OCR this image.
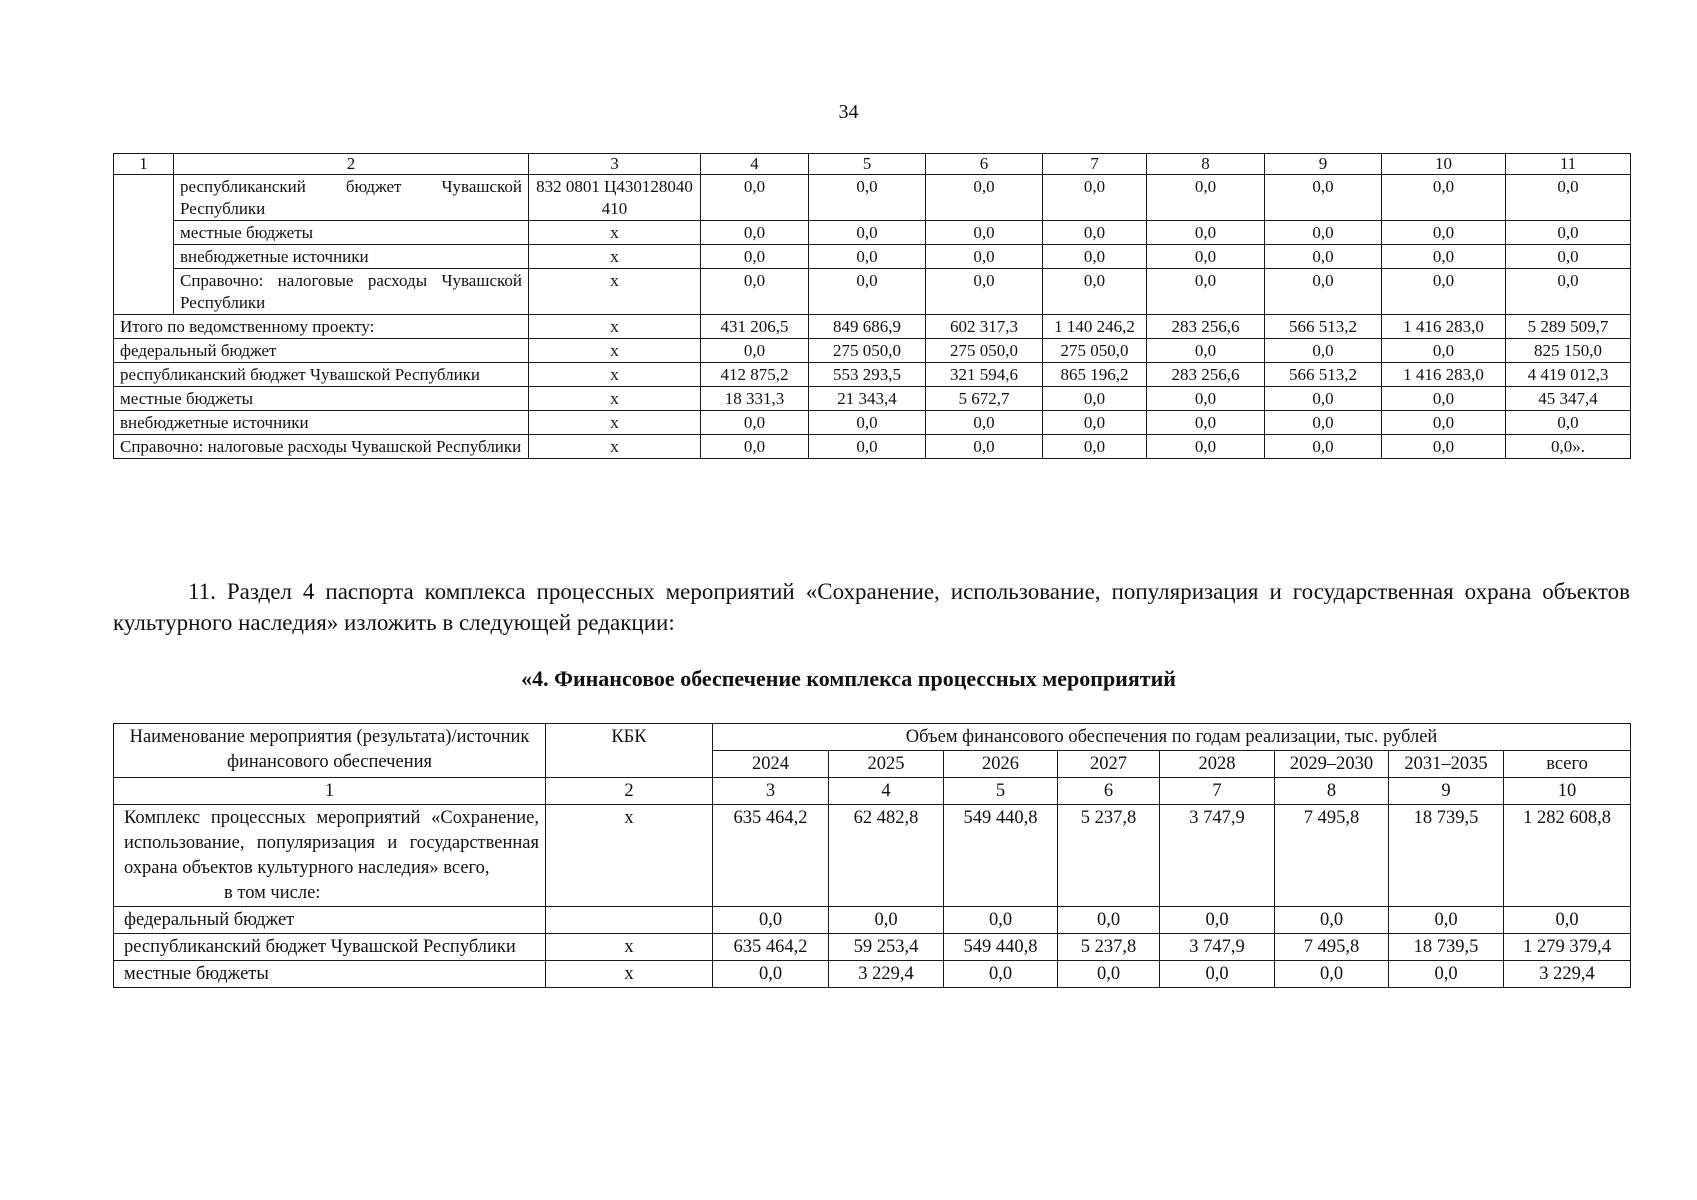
34
1	2	3	4	5	6	7	8	9	10	11
	республиканский бюджет Чувашской Республики	832 0801 Ц430128040 410	0,0	0,0	0,0	0,0	0,0	0,0	0,0	0,0
	местные бюджеты	х	0,0	0,0	0,0	0,0	0,0	0,0	0,0	0,0
	внебюджетные источники	х	0,0	0,0	0,0	0,0	0,0	0,0	0,0	0,0
	Справочно: налоговые расходы Чувашской Республики	х	0,0	0,0	0,0	0,0	0,0	0,0	0,0	0,0
Итого по ведомственному проекту:		х	431 206,5	849 686,9	602 317,3	1 140 246,2	283 256,6	566 513,2	1 416 283,0	5 289 509,7
федеральный бюджет		х	0,0	275 050,0	275 050,0	275 050,0	0,0	0,0	0,0	825 150,0
республиканский бюджет Чувашской Республики		х	412 875,2	553 293,5	321 594,6	865 196,2	283 256,6	566 513,2	1 416 283,0	4 419 012,3
местные бюджеты		х	18 331,3	21 343,4	5 672,7	0,0	0,0	0,0	0,0	45 347,4
внебюджетные источники		х	0,0	0,0	0,0	0,0	0,0	0,0	0,0	0,0
Справочно: налоговые расходы Чувашской Республики		х	0,0	0,0	0,0	0,0	0,0	0,0	0,0	0,0».
11. Раздел 4 паспорта комплекса процессных мероприятий «Сохранение, использование, популяризация и государственная охрана объектов культурного наследия» изложить в следующей редакции:
«4. Финансовое обеспечение комплекса процессных мероприятий
Наименование мероприятия (результата)/источник финансового обеспечения	КБК	Объем финансового обеспечения по годам реализации, тыс. рублей							
		2024	2025	2026	2027	2028	2029–2030	2031–2035	всего
1	2	3	4	5	6	7	8	9	10

Комплекс процессных мероприятий «Сохранение, использование, популяризация и государственная охрана объектов культурного наследия» всего,
в том числе:	х	635 464,2	62 482,8	549 440,8	5 237,8	3 747,9	7 495,8	18 739,5	1 282 608,8

федеральный бюджет		0,0	0,0	0,0	0,0	0,0	0,0	0,0	0,0

республиканский бюджет Чувашской Республики	х	635 464,2	59 253,4	549 440,8	5 237,8	3 747,9	7 495,8	18 739,5	1 279 379,4

местные бюджеты	х	0,0	3 229,4	0,0	0,0	0,0	0,0	0,0	3 229,4
